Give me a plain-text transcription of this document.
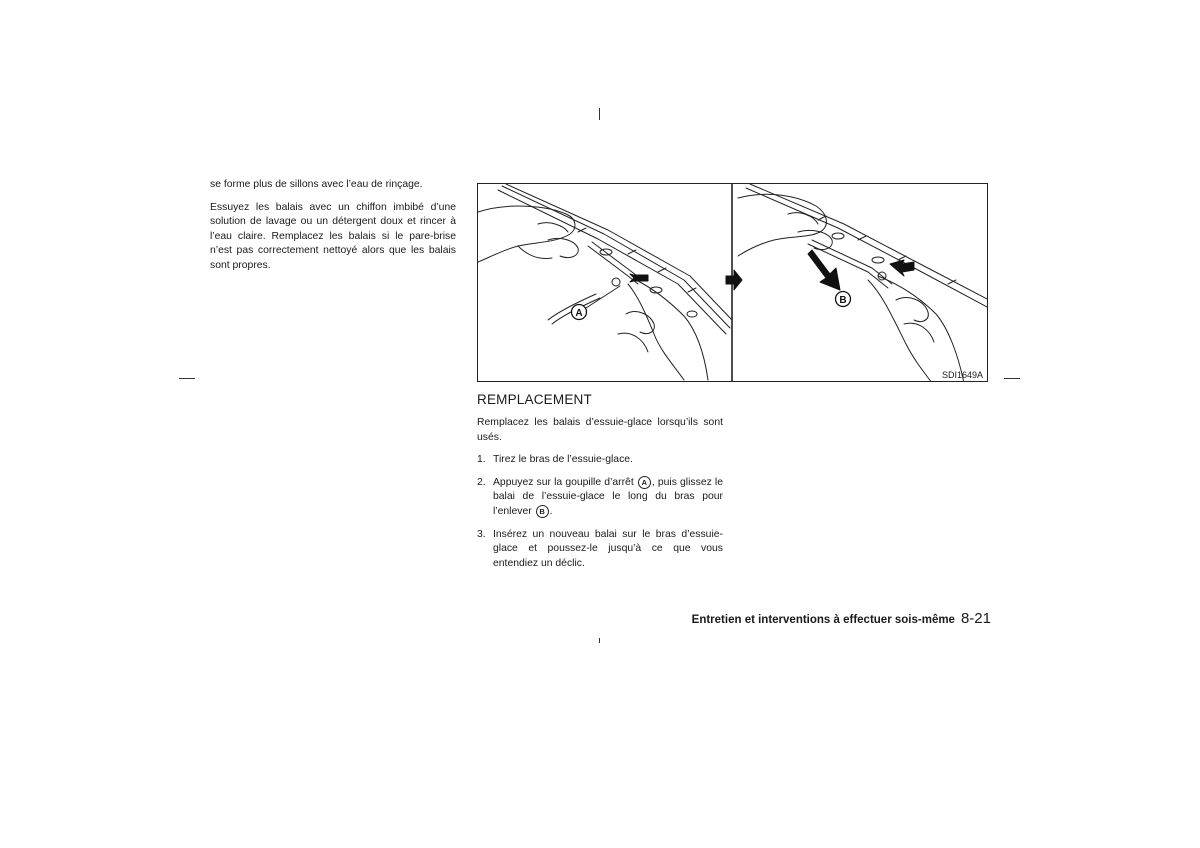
se forme plus de sillons avec l’eau de rinçage.

Essuyez les balais avec un chiffon imbibé d’une solution de lavage ou un détergent doux et rincer à l’eau claire. Remplacez les balais si le pare-brise n’est pas correctement nettoyé alors que les balais sont propres.

A
B
SDI1649A
REMPLACEMENT

Remplacez les balais d’essuie-glace lorsqu’ils sont usés.

1. Tirez le bras de l’essuie-glace.
2. Appuyez sur la goupille d’arrêt A , puis glissez le balai de l’essuie-glace le long du bras pour l’enlever B .
3. Insérez un nouveau balai sur le bras d’essuie-glace et poussez-le jusqu’à ce que vous entendiez un déclic.
Entretien et interventions à effectuer sois-même 8-21
